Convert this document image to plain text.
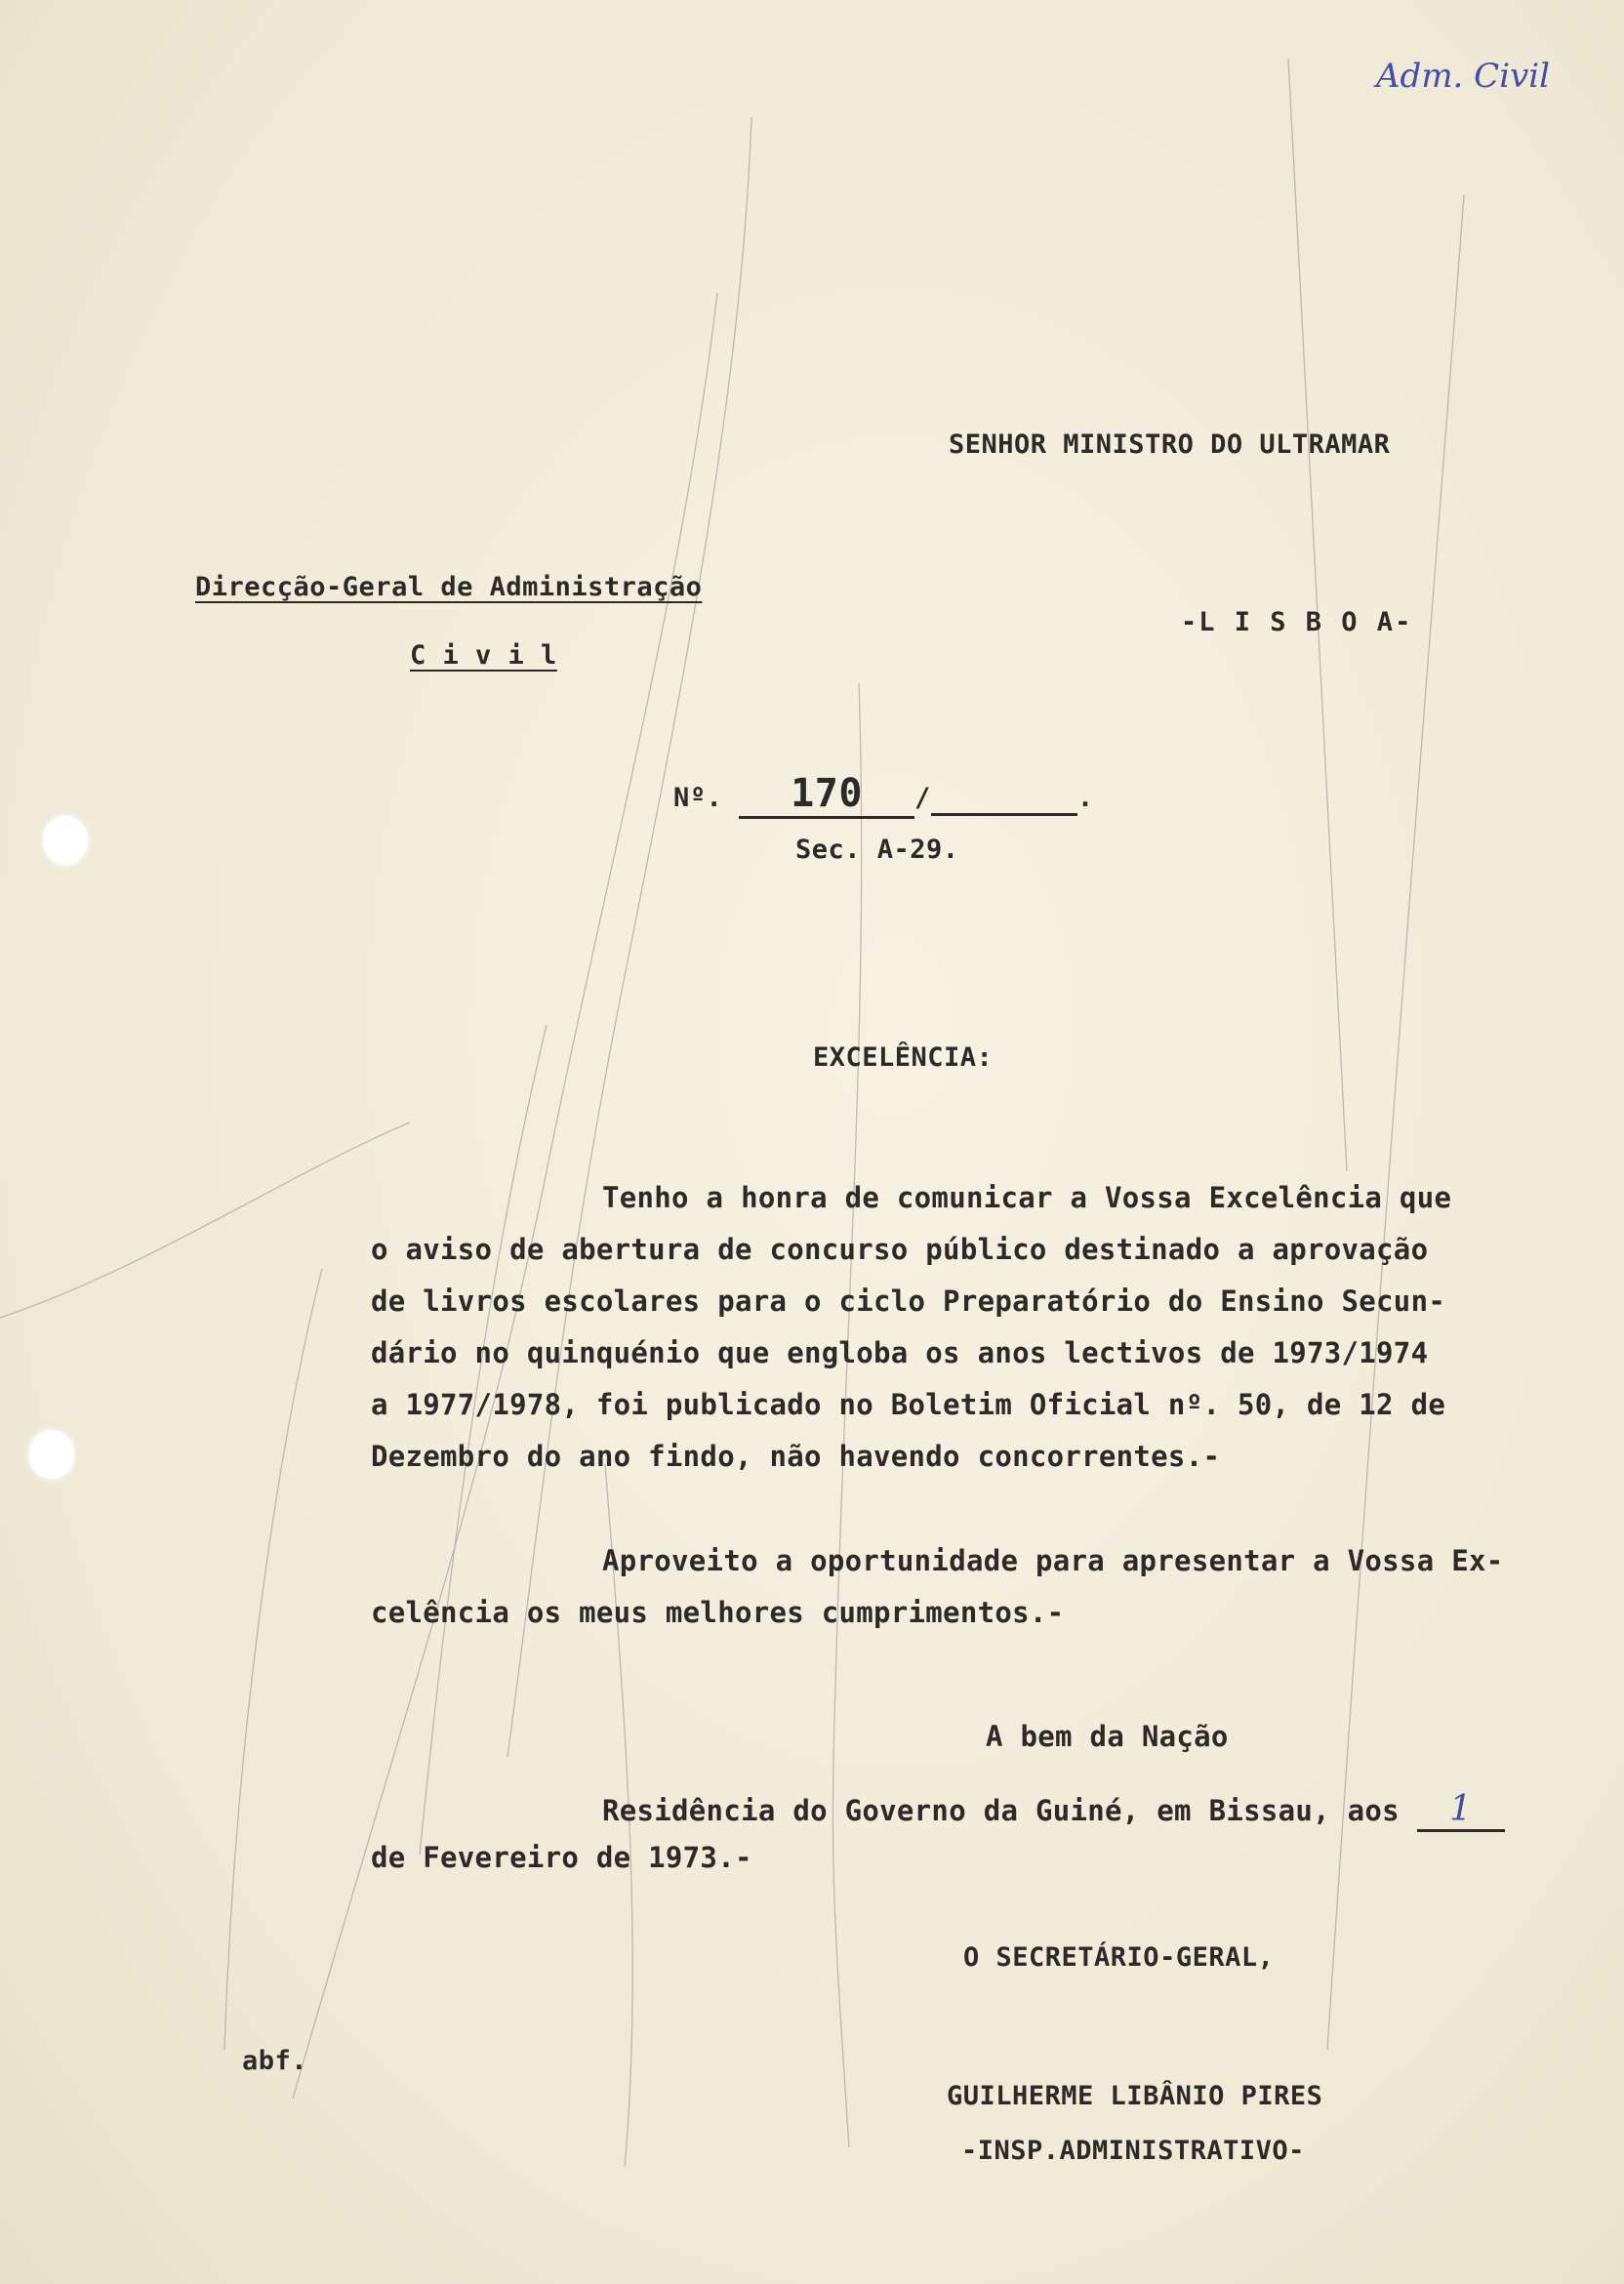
Adm. Civil
SENHOR MINISTRO DO ULTRAMAR
-L I S B O A-
Direcção-Geral de Administração
C i v i l
Nº. 170 /	.
Sec. A-29.
EXCELÊNCIA:
Tenho a honra de comunicar a Vossa Excelência que
o aviso de abertura de concurso público destinado a aprovação
de livros escolares para o ciclo Preparatório do Ensino Secun-
dário no quinquénio que engloba os anos lectivos de 1973/1974
a 1977/1978, foi publicado no Boletim Oficial nº. 50, de 12 de
Dezembro do ano findo, não havendo concorrentes.-
Aproveito a oportunidade para apresentar a Vossa Ex-
celência os meus melhores cumprimentos.-
A bem da Nação
Residência do Governo da Guiné, em Bissau, aos 1
de Fevereiro de 1973.-
O SECRETÁRIO-GERAL,
abf.
GUILHERME LIBÂNIO PIRES
-INSP.ADMINISTRATIVO-
